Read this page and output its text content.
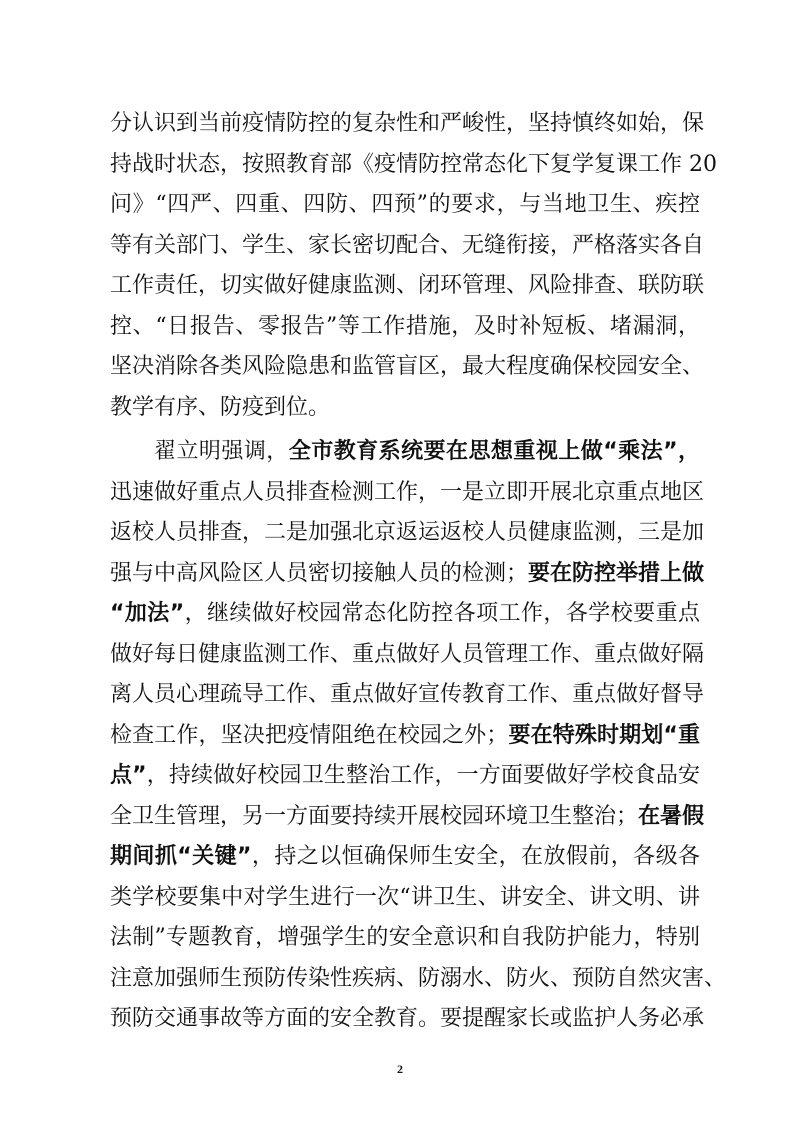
分认识到当前疫情防控的复杂性和严峻性，坚持慎终如始，保
持战时状态，按照教育部《疫情防控常态化下复学复课工作 20
问》“四严、四重、四防、四预”的要求，与当地卫生、疾控
等有关部门、学生、家长密切配合、无缝衔接，严格落实各自
工作责任，切实做好健康监测、闭环管理、风险排查、联防联
控、“日报告、零报告”等工作措施，及时补短板、堵漏洞，
坚决消除各类风险隐患和监管盲区，最大程度确保校园安全、
教学有序、防疫到位。
翟立明强调，全市教育系统要在思想重视上做“乘法”，
迅速做好重点人员排查检测工作，一是立即开展北京重点地区
返校人员排查，二是加强北京返运返校人员健康监测，三是加
强与中高风险区人员密切接触人员的检测；要在防控举措上做
“加法”，继续做好校园常态化防控各项工作，各学校要重点
做好每日健康监测工作、重点做好人员管理工作、重点做好隔
离人员心理疏导工作、重点做好宣传教育工作、重点做好督导
检查工作，坚决把疫情阻绝在校园之外；要在特殊时期划“重
点”，持续做好校园卫生整治工作，一方面要做好学校食品安
全卫生管理，另一方面要持续开展校园环境卫生整治；在暑假
期间抓“关键”，持之以恒确保师生安全，在放假前，各级各
类学校要集中对学生进行一次“讲卫生、讲安全、讲文明、讲
法制”专题教育，增强学生的安全意识和自我防护能力，特别
注意加强师生预防传染性疾病、防溺水、防火、预防自然灾害、
预防交通事故等方面的安全教育。要提醒家长或监护人务必承
2
